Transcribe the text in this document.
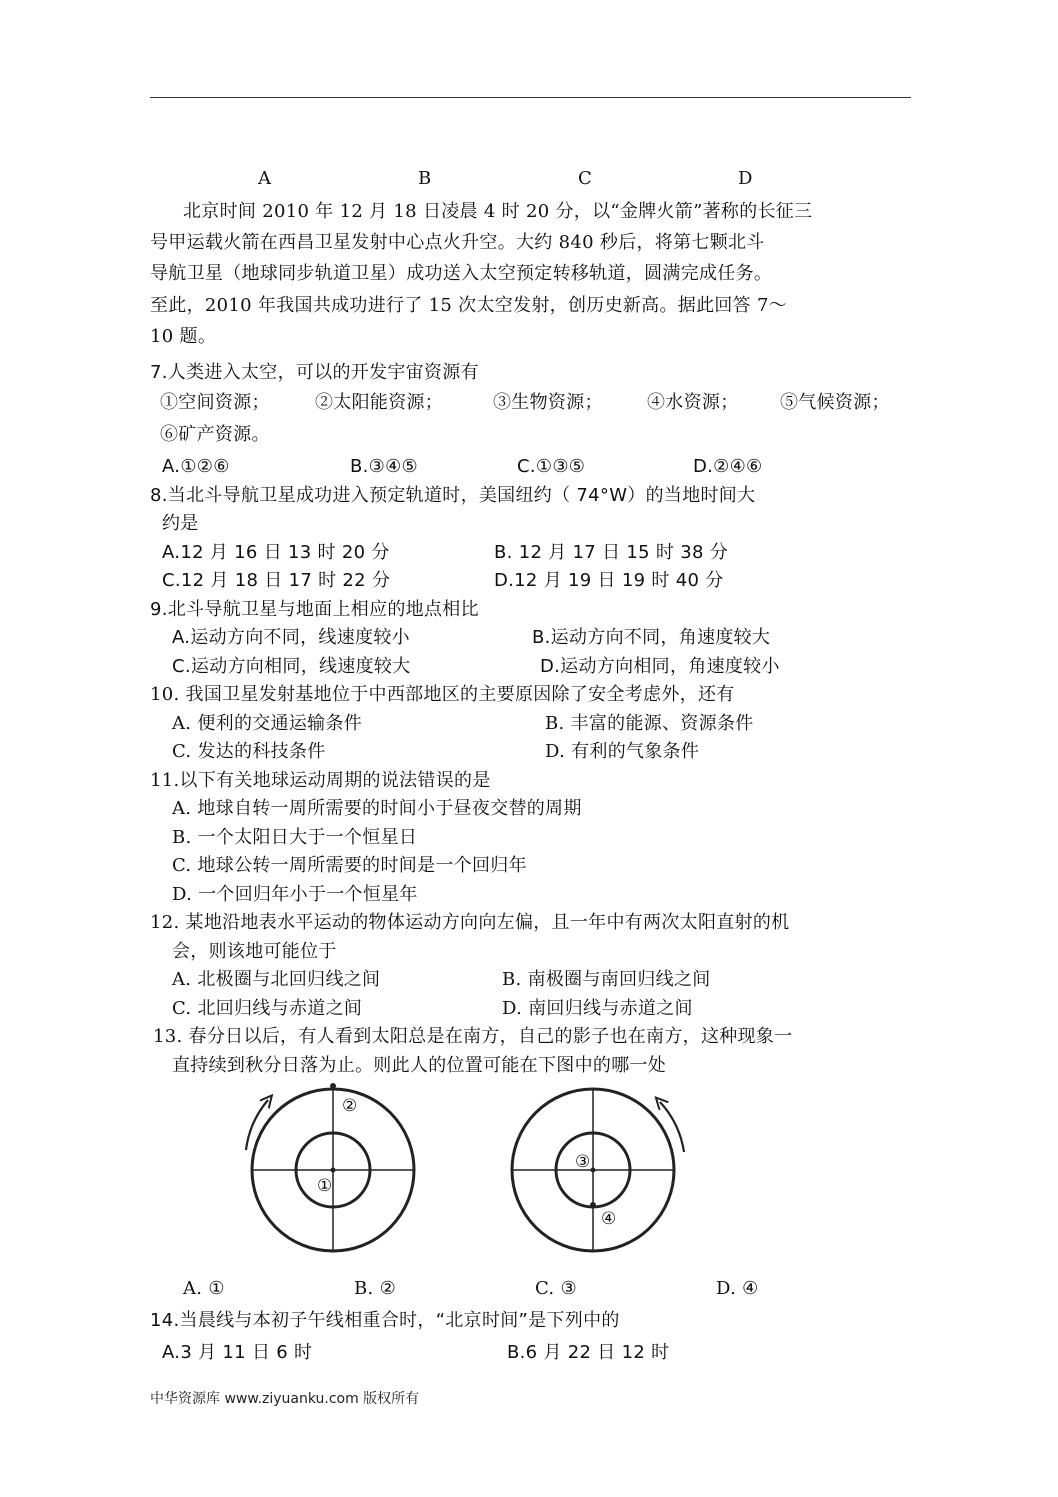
A	B	C	D
北京时间 2010 年 12 月 18 日凌晨 4 时 20 分，以“金牌火箭”著称的长征三
号甲运载火箭在西昌卫星发射中心点火升空。大约 840 秒后，将第七颗北斗
导航卫星（地球同步轨道卫星）成功送入太空预定转移轨道，圆满完成任务。
至此，2010 年我国共成功进行了 15 次太空发射，创历史新高。据此回答 7～
10 题。
7.人类进入太空，可以的开发宇宙资源有
①空间资源；	②太阳能资源；	③生物资源； ④水资源； ⑤气候资源；
⑥矿产资源。
A.①②⑥	B.③④⑤	C.①③⑤	D.②④⑥
8.当北斗导航卫星成功进入预定轨道时，美国纽约（ 74°W）的当地时间大
约是
A.12 月 16 日 13 时 20 分	B. 12 月 17 日 15 时 38 分
C.12 月 18 日 17 时 22 分	D.12 月 19 日 19 时 40 分
9.北斗导航卫星与地面上相应的地点相比
A.运动方向不同，线速度较小	B.运动方向不同，角速度较大
C.运动方向相同，线速度较大	D.运动方向相同，角速度较小
10. 我国卫星发射基地位于中西部地区的主要原因除了安全考虑外，还有
A. 便利的交通运输条件	B. 丰富的能源、资源条件
C. 发达的科技条件	D. 有利的气象条件
11.以下有关地球运动周期的说法错误的是
A. 地球自转一周所需要的时间小于昼夜交替的周期
B. 一个太阳日大于一个恒星日
C. 地球公转一周所需要的时间是一个回归年
D. 一个回归年小于一个恒星年
12. 某地沿地表水平运动的物体运动方向向左偏，且一年中有两次太阳直射的机
会，则该地可能位于
A. 北极圈与北回归线之间	B. 南极圈与南回归线之间
C. 北回归线与赤道之间	D. 南回归线与赤道之间
13. 春分日以后，有人看到太阳总是在南方，自己的影子也在南方，这种现象一
直持续到秋分日落为止。则此人的位置可能在下图中的哪一处
②
①
③
④
A. ①	B. ②	C. ③	D. ④
14.当晨线与本初子午线相重合时，“北京时间”是下列中的
A.3 月 11 日 6 时	B.6 月 22 日 12 时
中华资源库 www.ziyuanku.com 版权所有
